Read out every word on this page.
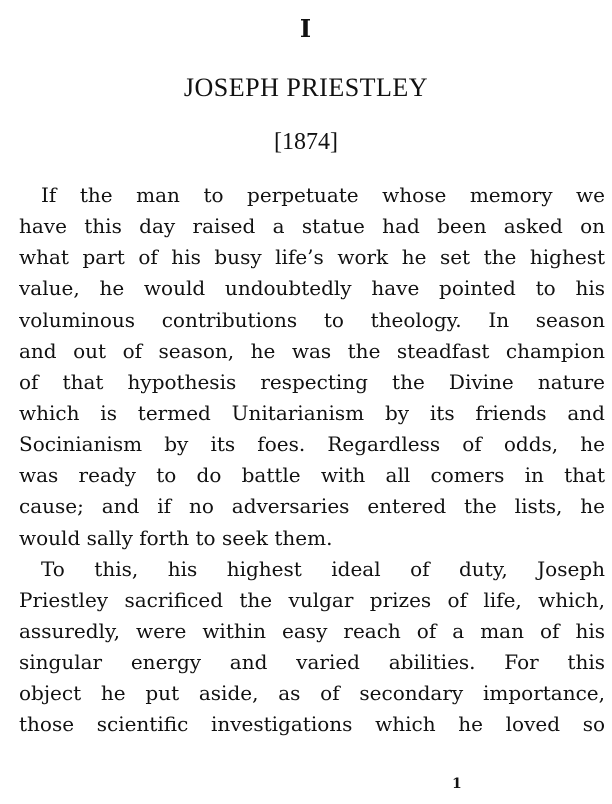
I
JOSEPH PRIESTLEY
[1874]
If the man to perpetuate whose memory we
have this day raised a statue had been asked on
what part of his busy life’s work he set the highest
value, he would undoubtedly have pointed to his
voluminous contributions to theology. In season
and out of season, he was the steadfast champion
of that hypothesis respecting the Divine nature
which is termed Unitarianism by its friends and
Socinianism by its foes. Regardless of odds, he
was ready to do battle with all comers in that
cause; and if no adversaries entered the lists, he
would sally forth to seek them.
To this, his highest ideal of duty, Joseph
Priestley sacrificed the vulgar prizes of life, which,
assuredly, were within easy reach of a man of his
singular energy and varied abilities. For this
object he put aside, as of secondary importance,
those scientific investigations which he loved so
1
